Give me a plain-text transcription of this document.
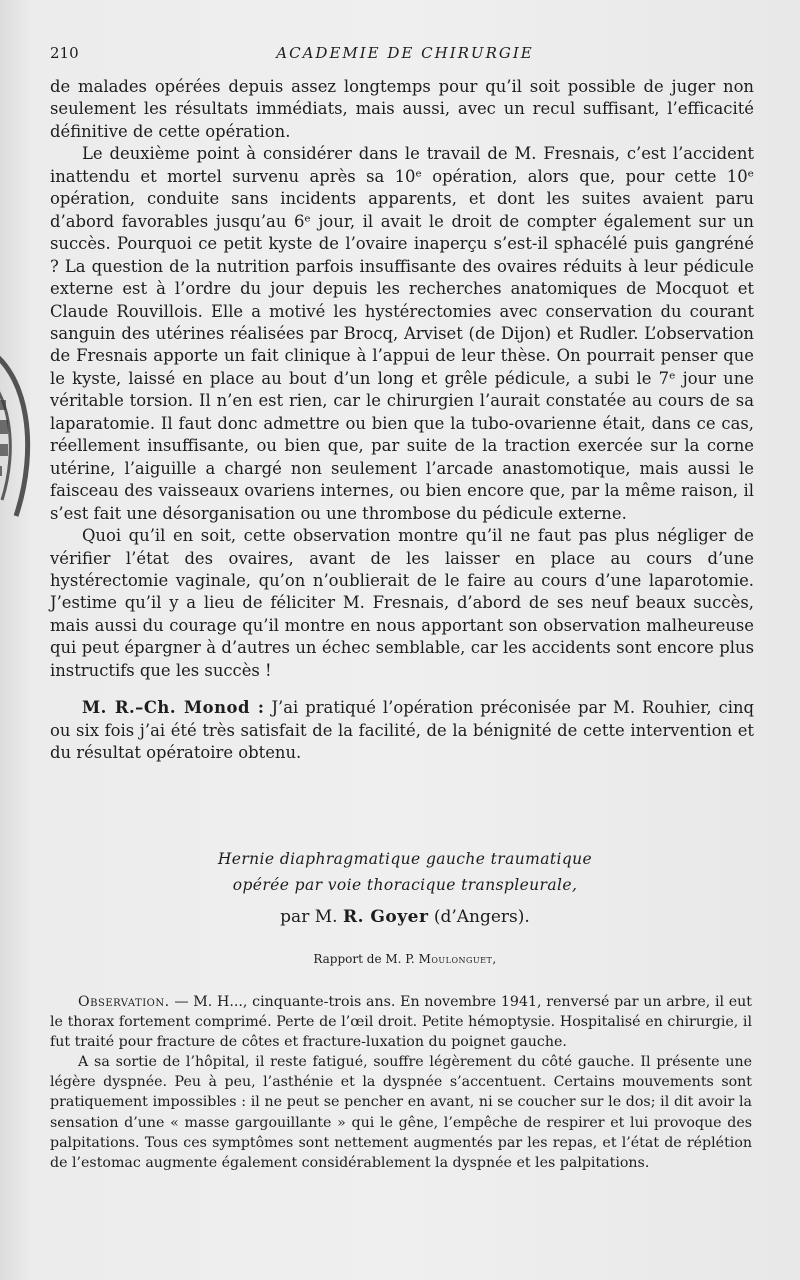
210	ACADEMIE DE CHIRURGIE

de malades opérées depuis assez longtemps pour qu’il soit possible de juger non seulement les résultats immédiats, mais aussi, avec un recul suffisant, l’efficacité définitive de cette opération.

Le deuxième point à considérer dans le travail de M. Fresnais, c’est l’accident inattendu et mortel survenu après sa 10ᵉ opération, alors que, pour cette 10ᵉ opération, conduite sans incidents apparents, et dont les suites avaient paru d’abord favorables jusqu’au 6ᵉ jour, il avait le droit de compter également sur un succès. Pourquoi ce petit kyste de l’ovaire inaperçu s’est-il sphacélé puis gangréné ? La question de la nutrition parfois insuffisante des ovaires réduits à leur pédicule externe est à l’ordre du jour depuis les recherches anatomiques de Mocquot et Claude Rouvillois. Elle a motivé les hystérectomies avec conservation du courant sanguin des utérines réalisées par Brocq, Arviset (de Dijon) et Rudler. L’observation de Fresnais apporte un fait clinique à l’appui de leur thèse. On pourrait penser que le kyste, laissé en place au bout d’un long et grêle pédicule, a subi le 7ᵉ jour une véritable torsion. Il n’en est rien, car le chirurgien l’aurait constatée au cours de sa laparatomie. Il faut donc admettre ou bien que la tubo-ovarienne était, dans ce cas, réellement insuffisante, ou bien que, par suite de la traction exercée sur la corne utérine, l’aiguille a chargé non seulement l’arcade anastomotique, mais aussi le faisceau des vaisseaux ovariens internes, ou bien encore que, par la même raison, il s’est fait une désorganisation ou une thrombose du pédicule externe.

Quoi qu’il en soit, cette observation montre qu’il ne faut pas plus négliger de vérifier l’état des ovaires, avant de les laisser en place au cours d’une hystérectomie vaginale, qu’on n’oublierait de le faire au cours d’une laparotomie. J’estime qu’il y a lieu de féliciter M. Fresnais, d’abord de ses neuf beaux succès, mais aussi du courage qu’il montre en nous apportant son observation malheureuse qui peut épargner à d’autres un échec semblable, car les accidents sont encore plus instructifs que les succès !

M. R.–Ch. Monod : J’ai pratiqué l’opération préconisée par M. Rouhier, cinq ou six fois j’ai été très satisfait de la facilité, de la bénignité de cette intervention et du résultat opératoire obtenu.

Hernie diaphragmatique gauche traumatique
opérée par voie thoracique transpleurale,
par M. R. Goyer (d’Angers).
Rapport de M. P. Moulonguet,

Observation. — M. H..., cinquante-trois ans. En novembre 1941, renversé par un arbre, il eut le thorax fortement comprimé. Perte de l’œil droit. Petite hémoptysie. Hospitalisé en chirurgie, il fut traité pour fracture de côtes et fracture-luxation du poignet gauche.

A sa sortie de l’hôpital, il reste fatigué, souffre légèrement du côté gauche. Il présente une légère dyspnée. Peu à peu, l’asthénie et la dyspnée s’accentuent. Certains mouvements sont pratiquement impossibles : il ne peut se pencher en avant, ni se coucher sur le dos; il dit avoir la sensation d’une « masse gargouillante » qui le gêne, l’empêche de respirer et lui provoque des palpitations. Tous ces symptômes sont nettement augmentés par les repas, et l’état de réplétion de l’estomac augmente également considérablement la dyspnée et les palpitations.
